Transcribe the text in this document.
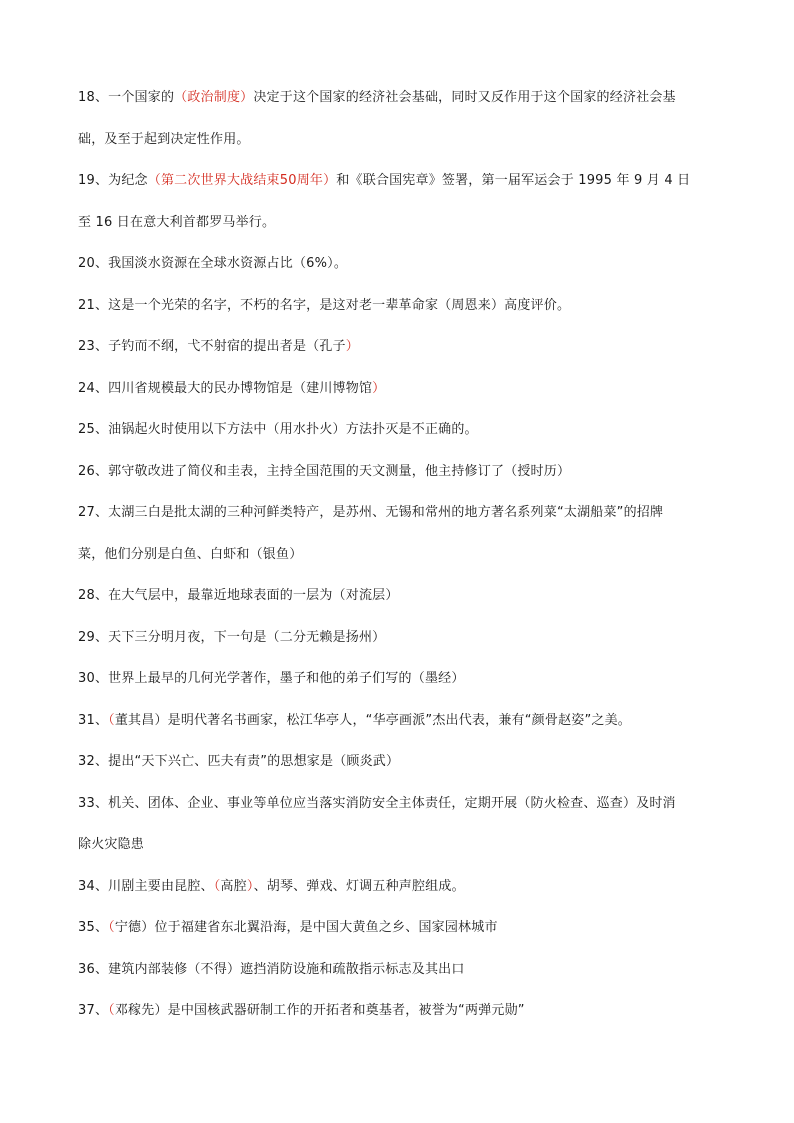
18、一个国家的（政治制度）决定于这个国家的经济社会基础，同时又反作用于这个国家的经济社会基
础，及至于起到决定性作用。
19、为纪念（第二次世界大战结束50周年）和《联合国宪章》签署，第一届军运会于 1995 年 9 月 4 日
至 16 日在意大利首都罗马举行。
20、我国淡水资源在全球水资源占比（6%）。
21、这是一个光荣的名字，不朽的名字，是这对老一辈革命家（周恩来）高度评价。
23、子钓而不纲，弋不射宿的提出者是（孔子）
24、四川省规模最大的民办博物馆是（建川博物馆）
25、油锅起火时使用以下方法中（用水扑火）方法扑灭是不正确的。
26、郭守敬改进了简仪和圭表，主持全国范围的天文测量，他主持修订了（授时历）
27、太湖三白是批太湖的三种河鲜类特产，是苏州、无锡和常州的地方著名系列菜“太湖船菜”的招牌
菜，他们分别是白鱼、白虾和（银鱼）
28、在大气层中，最靠近地球表面的一层为（对流层）
29、天下三分明月夜，下一句是（二分无赖是扬州）
30、世界上最早的几何光学著作，墨子和他的弟子们写的（墨经）
31、（董其昌）是明代著名书画家，松江华亭人，“华亭画派”杰出代表，兼有“颜骨赵姿”之美。
32、提出“天下兴亡、匹夫有责”的思想家是（顾炎武）
33、机关、团体、企业、事业等单位应当落实消防安全主体责任，定期开展（防火检查、巡查）及时消
除火灾隐患
34、川剧主要由昆腔、（高腔）、胡琴、弹戏、灯调五种声腔组成。
35、（宁德）位于福建省东北翼沿海，是中国大黄鱼之乡、国家园林城市
36、建筑内部装修（不得）遮挡消防设施和疏散指示标志及其出口
37、（邓稼先）是中国核武器研制工作的开拓者和奠基者，被誉为“两弹元勋”
